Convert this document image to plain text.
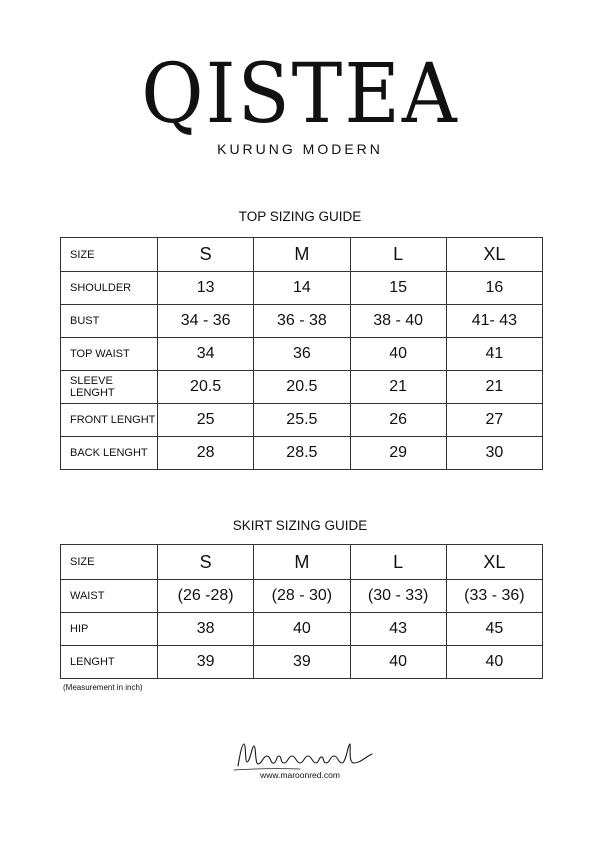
QISTEA
KURUNG MODERN
TOP SIZING GUIDE
SIZE	S	M	L	XL
SHOULDER	13	14	15	16
BUST	34 - 36	36 - 38	38 - 40	41- 43
TOP WAIST	34	36	40	41
SLEEVE LENGHT	20.5	20.5	21	21
FRONT LENGHT	25	25.5	26	27
BACK LENGHT	28	28.5	29	30
SKIRT SIZING GUIDE
SIZE	S	M	L	XL
WAIST	(26 -28)	(28 - 30)	(30 - 33)	(33 - 36)
HIP	38	40	43	45
LENGHT	39	39	40	40
(Measurement in inch)
www.maroonred.com
